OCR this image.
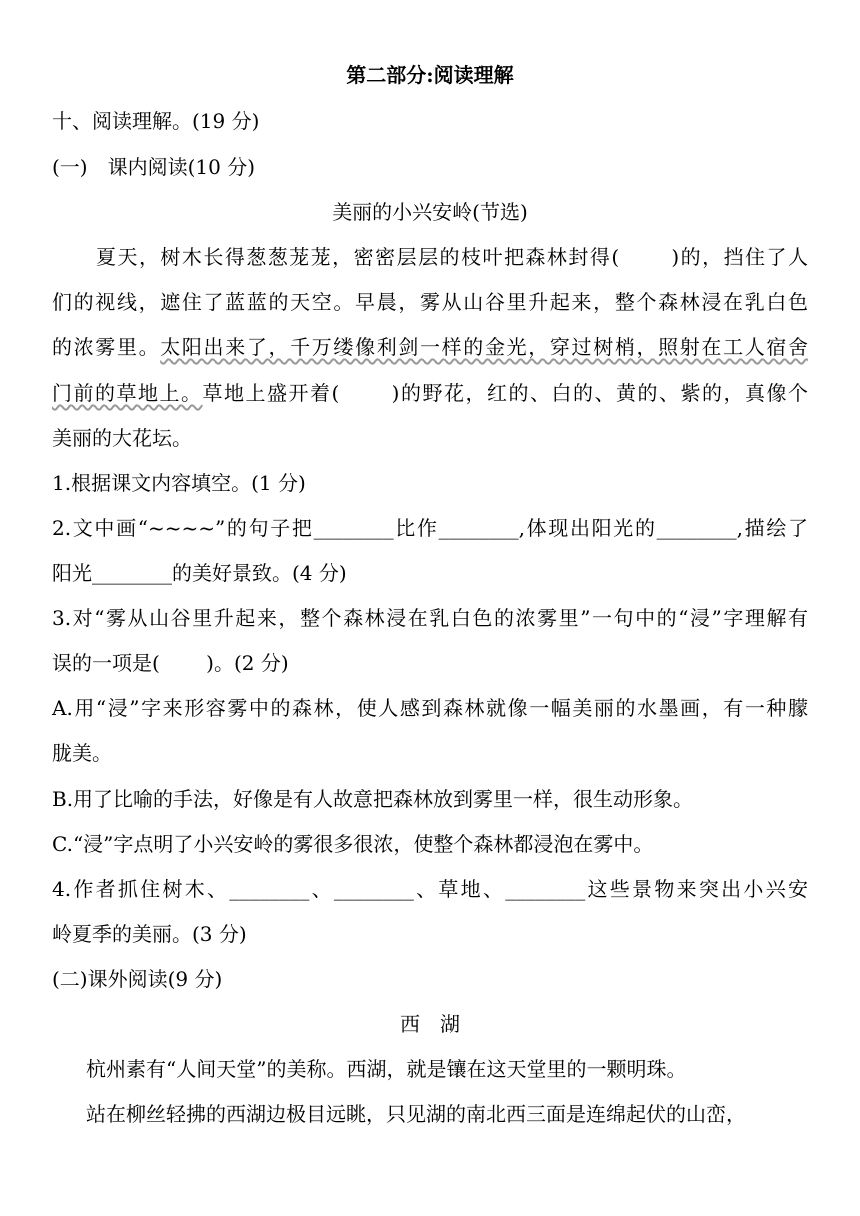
第二部分:阅读理解
十、阅读理解。(19 分)
(一)　课内阅读(10 分)
美丽的小兴安岭(节选)
夏天，树木长得葱葱茏茏，密密层层的枝叶把森林封得(　　 )的，挡住了人
们的视线，遮住了蓝蓝的天空。早晨，雾从山谷里升起来，整个森林浸在乳白色
的浓雾里。太阳出来了，千万缕像利剑一样的金光，穿过树梢，照射在工人宿舍
门前的草地上。草地上盛开着(　　 )的野花，红的、白的、黄的、紫的，真像个
美丽的大花坛。
1.根据课文内容填空。(1 分)
2.文中画“~~~~”的句子把________比作________,体现出阳光的________,描绘了
阳光________的美好景致。(4 分)
3.对“雾从山谷里升起来，整个森林浸在乳白色的浓雾里”一句中的“浸”字理解有
误的一项是(　　 )。(2 分)
A.用“浸”字来形容雾中的森林，使人感到森林就像一幅美丽的水墨画，有一种朦
胧美。
B.用了比喻的手法，好像是有人故意把森林放到雾里一样，很生动形象。
C.“浸”字点明了小兴安岭的雾很多很浓，使整个森林都浸泡在雾中。
4.作者抓住树木、________、________、草地、________这些景物来突出小兴安
岭夏季的美丽。(3 分)
(二)课外阅读(9 分)
西　湖
杭州素有“人间天堂”的美称。西湖，就是镶在这天堂里的一颗明珠。
站在柳丝轻拂的西湖边极目远眺，只见湖的南北西三面是连绵起伏的山峦，
